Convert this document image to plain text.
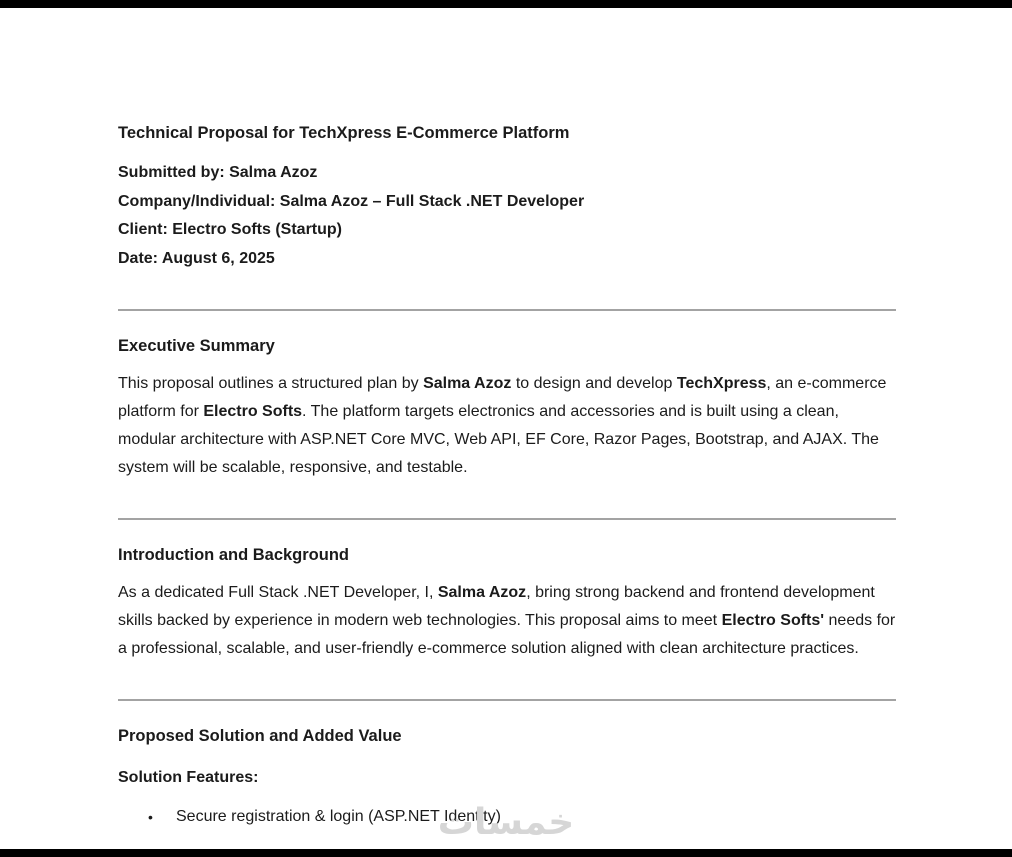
Technical Proposal for TechXpress E-Commerce Platform

Submitted by: Salma Azoz

Company/Individual: Salma Azoz – Full Stack .NET Developer

Client: Electro Softs (Startup)

Date: August 6, 2025

Executive Summary

This proposal outlines a structured plan by Salma Azoz to design and develop TechXpress, an e-commerce platform for Electro Softs. The platform targets electronics and accessories and is built using a clean, modular architecture with ASP.NET Core MVC, Web API, EF Core, Razor Pages, Bootstrap, and AJAX. The system will be scalable, responsive, and testable.

Introduction and Background

As a dedicated Full Stack .NET Developer, I, Salma Azoz, bring strong backend and frontend development skills backed by experience in modern web technologies. This proposal aims to meet Electro Softs' needs for a professional, scalable, and user-friendly e-commerce solution aligned with clean architecture practices.

Proposed Solution and Added Value

Solution Features:

• Secure registration & login (ASP.NET Identity)
خمسات
